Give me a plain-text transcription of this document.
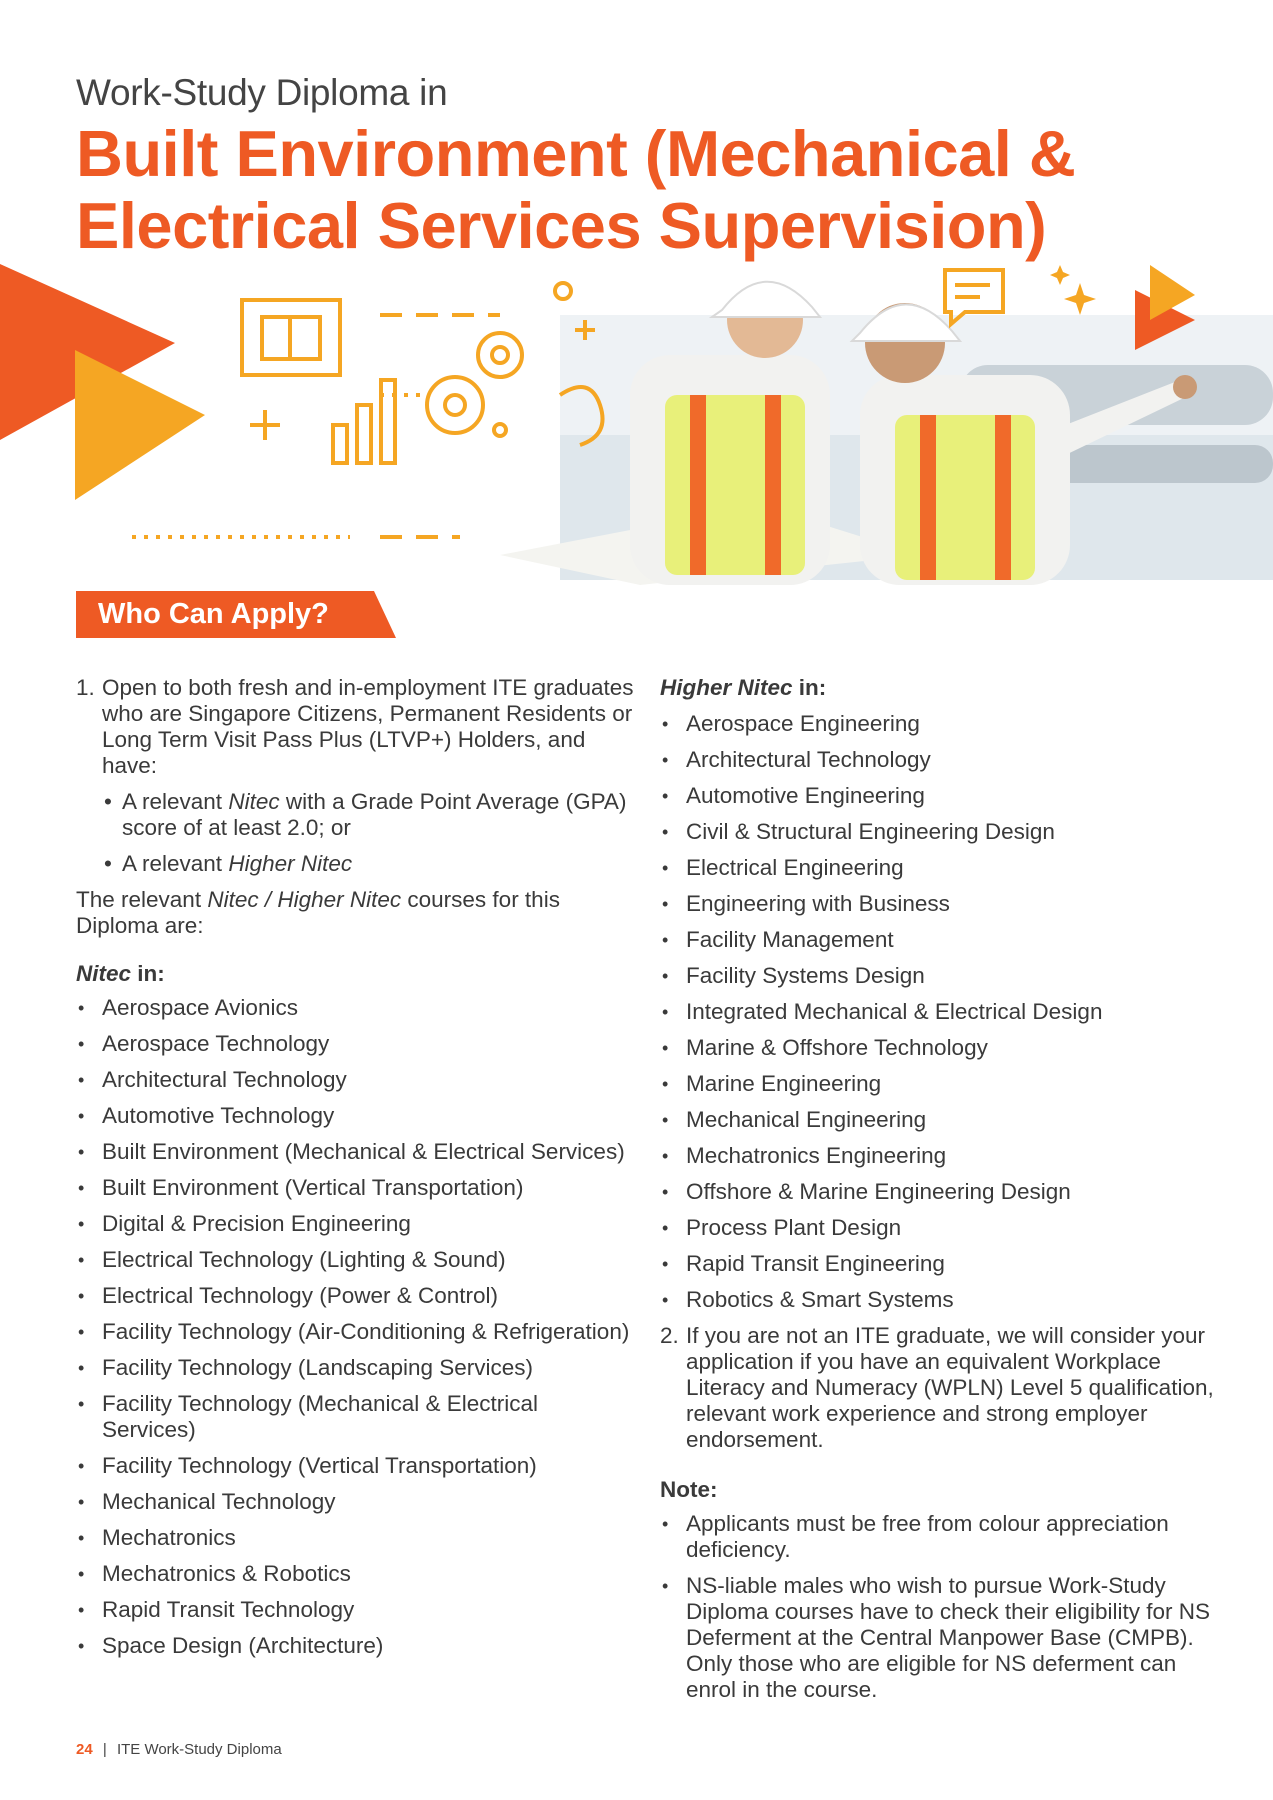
Work-Study Diploma in
Built Environment (Mechanical &
Electrical Services Supervision)
Who Can Apply?
1. Open to both fresh and in-employment ITE graduates who are Singapore Citizens, Permanent Residents or Long Term Visit Pass Plus (LTVP+) Holders, and have:
• A relevant Nitec with a Grade Point Average (GPA) score of at least 2.0; or
• A relevant Higher Nitec

The relevant Nitec / Higher Nitec courses for this Diploma are:

Nitec in:
• Aerospace Avionics
• Aerospace Technology
• Architectural Technology
• Automotive Technology
• Built Environment (Mechanical & Electrical Services)
• Built Environment (Vertical Transportation)
• Digital & Precision Engineering
• Electrical Technology (Lighting & Sound)
• Electrical Technology (Power & Control)
• Facility Technology (Air-Conditioning & Refrigeration)
• Facility Technology (Landscaping Services)
• Facility Technology (Mechanical & Electrical Services)
• Facility Technology (Vertical Transportation)
• Mechanical Technology
• Mechatronics
• Mechatronics & Robotics
• Rapid Transit Technology
• Space Design (Architecture)
Higher Nitec in:
• Aerospace Engineering
• Architectural Technology
• Automotive Engineering
• Civil & Structural Engineering Design
• Electrical Engineering
• Engineering with Business
• Facility Management
• Facility Systems Design
• Integrated Mechanical & Electrical Design
• Marine & Offshore Technology
• Marine Engineering
• Mechanical Engineering
• Mechatronics Engineering
• Offshore & Marine Engineering Design
• Process Plant Design
• Rapid Transit Engineering
• Robotics & Smart Systems
2. If you are not an ITE graduate, we will consider your application if you have an equivalent Workplace Literacy and Numeracy (WPLN) Level 5 qualification, relevant work experience and strong employer endorsement.
Note:
• Applicants must be free from colour appreciation deficiency.
• NS-liable males who wish to pursue Work-Study Diploma courses have to check their eligibility for NS Deferment at the Central Manpower Base (CMPB). Only those who are eligible for NS deferment can enrol in the course.
24 | ITE Work-Study Diploma
